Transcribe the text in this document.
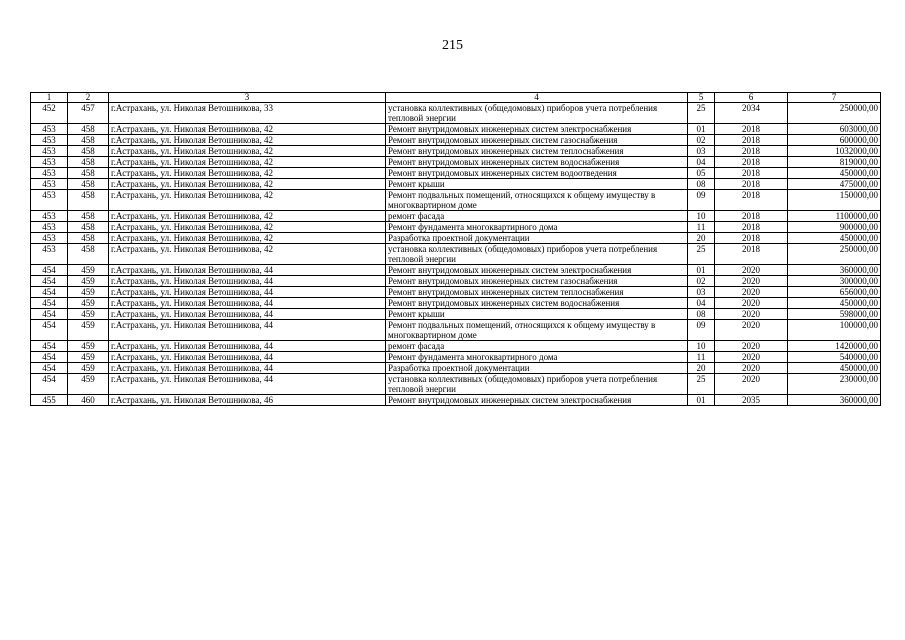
215
1	2	3	4	5	6	7
452	457	г.Астрахань, ул. Николая Ветошникова, 33	установка коллективных (общедомовых) приборов учета потребления тепловой энергии	25	2034	250000,00
453	458	г.Астрахань, ул. Николая Ветошникова, 42	Ремонт внутридомовых инженерных систем электроснабжения	01	2018	603000,00
453	458	г.Астрахань, ул. Николая Ветошникова, 42	Ремонт внутридомовых инженерных систем газоснабжения	02	2018	600000,00
453	458	г.Астрахань, ул. Николая Ветошникова, 42	Ремонт внутридомовых инженерных систем теплоснабжения	03	2018	1032000,00
453	458	г.Астрахань, ул. Николая Ветошникова, 42	Ремонт внутридомовых инженерных систем водоснабжения	04	2018	819000,00
453	458	г.Астрахань, ул. Николая Ветошникова, 42	Ремонт внутридомовых инженерных систем водоотведения	05	2018	450000,00
453	458	г.Астрахань, ул. Николая Ветошникова, 42	Ремонт крыши	08	2018	475000,00
453	458	г.Астрахань, ул. Николая Ветошникова, 42	Ремонт подвальных помещений, относящихся к общему имуществу в многоквартирном доме	09	2018	150000,00
453	458	г.Астрахань, ул. Николая Ветошникова, 42	ремонт фасада	10	2018	1100000,00
453	458	г.Астрахань, ул. Николая Ветошникова, 42	Ремонт фундамента многоквартирного дома	11	2018	900000,00
453	458	г.Астрахань, ул. Николая Ветошникова, 42	Разработка проектной документации	20	2018	450000,00
453	458	г.Астрахань, ул. Николая Ветошникова, 42	установка коллективных (общедомовых) приборов учета потребления тепловой энергии	25	2018	250000,00
454	459	г.Астрахань, ул. Николая Ветошникова, 44	Ремонт внутридомовых инженерных систем электроснабжения	01	2020	360000,00
454	459	г.Астрахань, ул. Николая Ветошникова, 44	Ремонт внутридомовых инженерных систем газоснабжения	02	2020	300000,00
454	459	г.Астрахань, ул. Николая Ветошникова, 44	Ремонт внутридомовых инженерных систем теплоснабжения	03	2020	656000,00
454	459	г.Астрахань, ул. Николая Ветошникова, 44	Ремонт внутридомовых инженерных систем водоснабжения	04	2020	450000,00
454	459	г.Астрахань, ул. Николая Ветошникова, 44	Ремонт крыши	08	2020	598000,00
454	459	г.Астрахань, ул. Николая Ветошникова, 44	Ремонт подвальных помещений, относящихся к общему имуществу в многоквартирном доме	09	2020	100000,00
454	459	г.Астрахань, ул. Николая Ветошникова, 44	ремонт фасада	10	2020	1420000,00
454	459	г.Астрахань, ул. Николая Ветошникова, 44	Ремонт фундамента многоквартирного дома	11	2020	540000,00
454	459	г.Астрахань, ул. Николая Ветошникова, 44	Разработка проектной документации	20	2020	450000,00
454	459	г.Астрахань, ул. Николая Ветошникова, 44	установка коллективных (общедомовых) приборов учета потребления тепловой энергии	25	2020	230000,00
455	460	г.Астрахань, ул. Николая Ветошникова, 46	Ремонт внутридомовых инженерных систем электроснабжения	01	2035	360000,00
